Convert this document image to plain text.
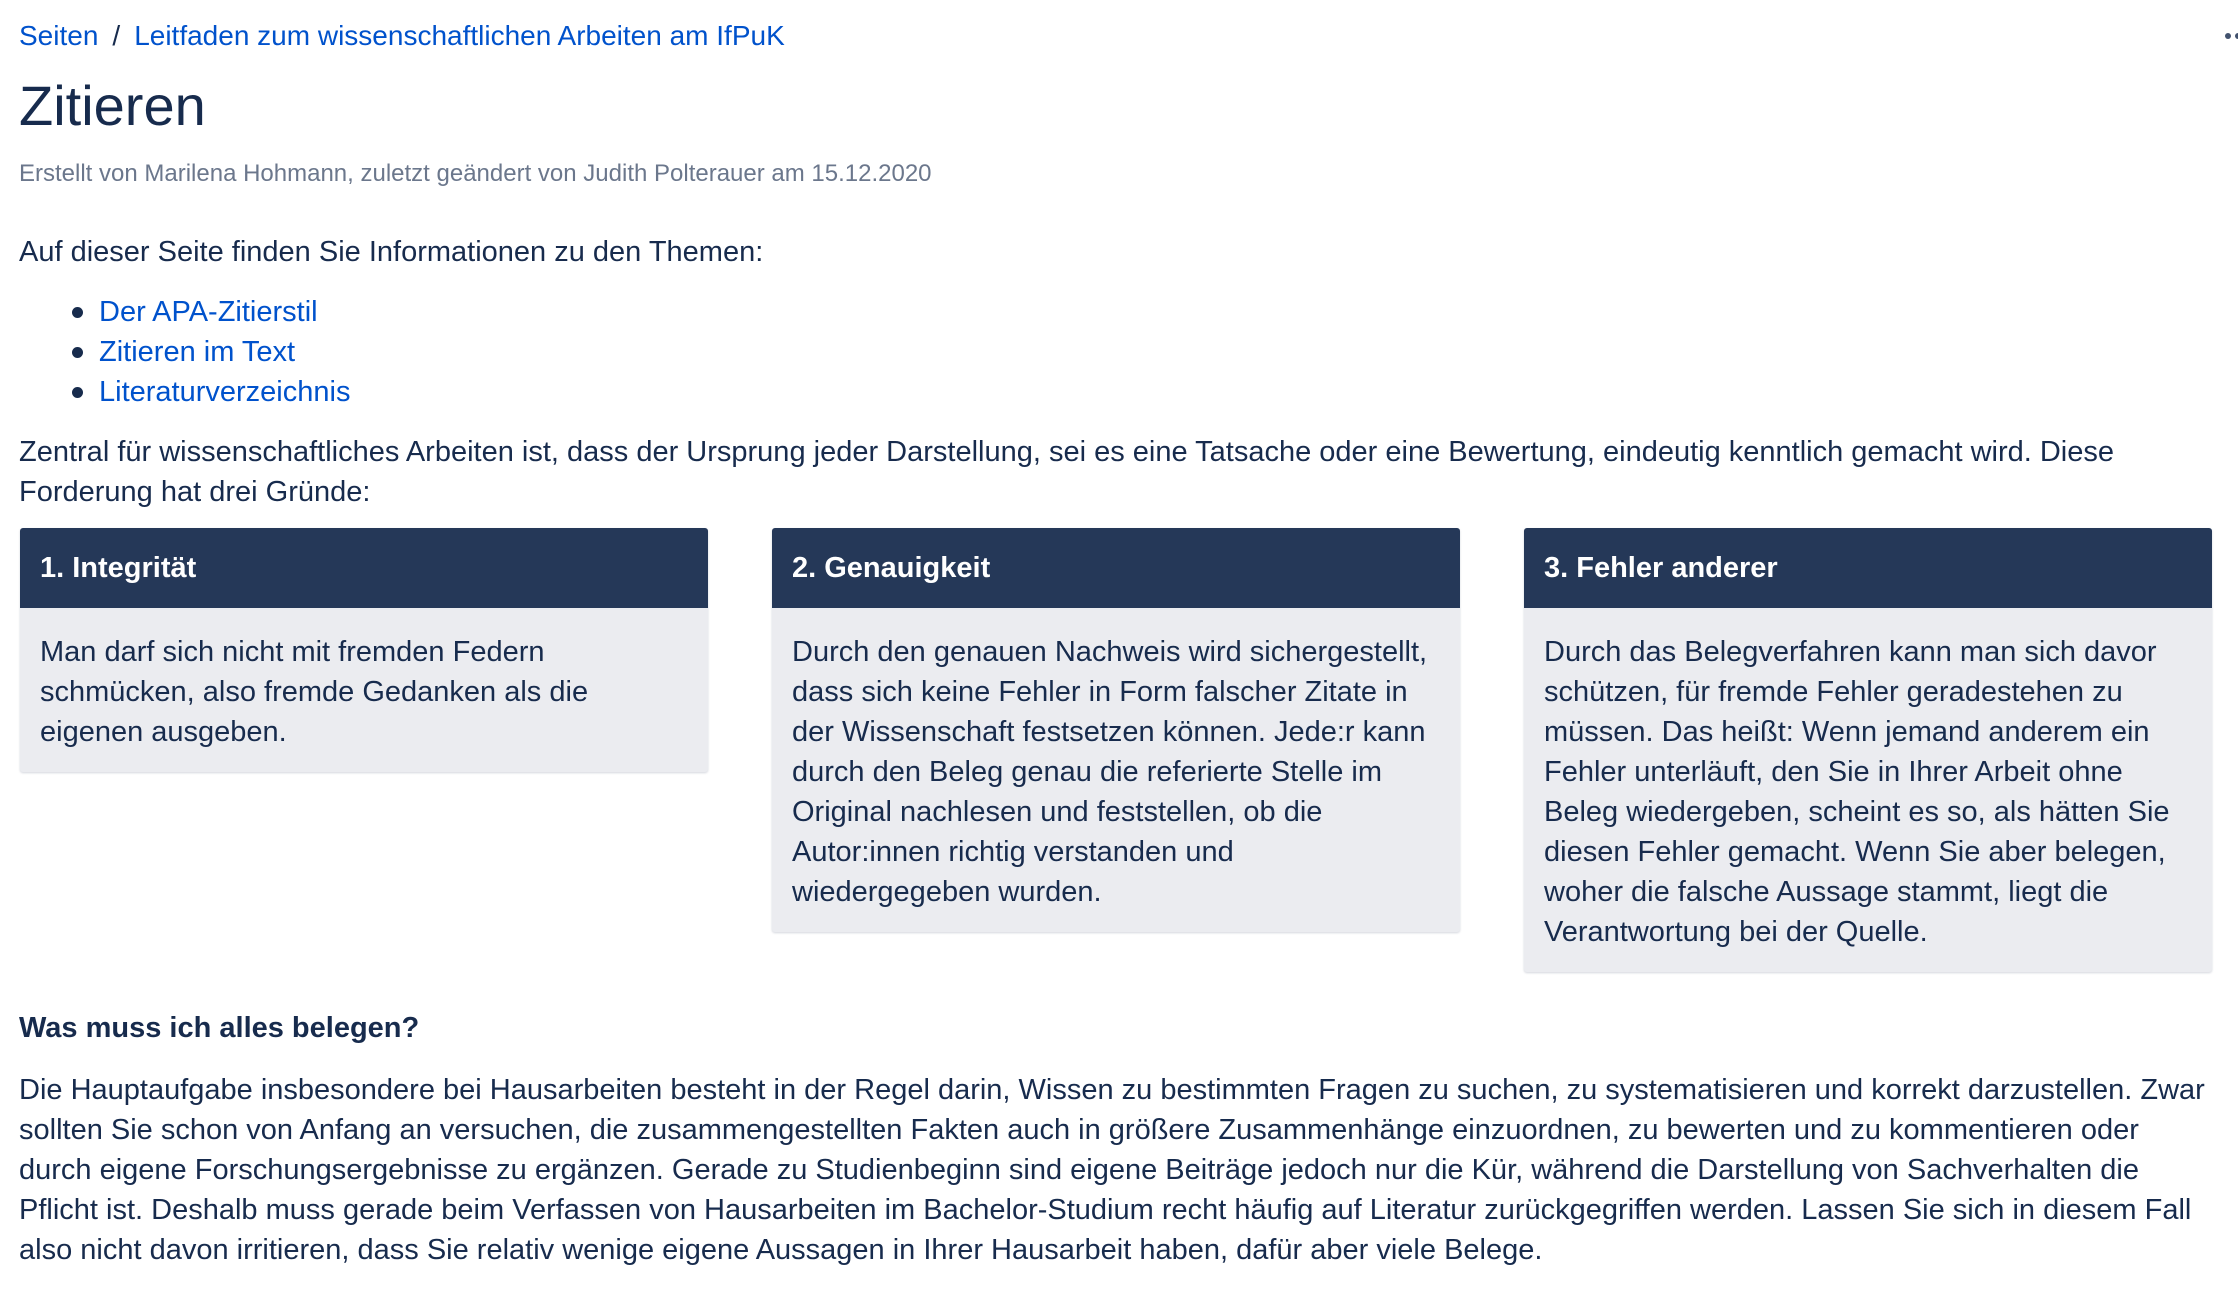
Seiten / Leitfaden zum wissenschaftlichen Arbeiten am IfPuK
Zitieren
Erstellt von Marilena Hohmann, zuletzt geändert von Judith Polterauer am 15.12.2020

Auf dieser Seite finden Sie Informationen zu den Themen:

Der APA-Zitierstil
Zitieren im Text
Literaturverzeichnis

Zentral für wissenschaftliches Arbeiten ist, dass der Ursprung jeder Darstellung, sei es eine Tatsache oder eine Bewertung, eindeutig kenntlich gemacht wird. Diese Forderung hat drei Gründe:

1. Integrität
Man darf sich nicht mit fremden Federn schmücken, also fremde Gedanken als die eigenen ausgeben.
2. Genauigkeit
Durch den genauen Nachweis wird sichergestellt, dass sich keine Fehler in Form falscher Zitate in der Wissenschaft festsetzen können. Jede:r kann durch den Beleg genau die referierte Stelle im Original nachlesen und feststellen, ob die Autor:innen richtig verstanden und wiedergegeben wurden.
3. Fehler anderer
Durch das Belegverfahren kann man sich davor schützen, für fremde Fehler geradestehen zu müssen. Das heißt: Wenn jemand anderem ein Fehler unterläuft, den Sie in Ihrer Arbeit ohne Beleg wiedergeben, scheint es so, als hätten Sie diesen Fehler gemacht. Wenn Sie aber belegen, woher die falsche Aussage stammt, liegt die Verantwortung bei der Quelle.
Was muss ich alles belegen?

Die Hauptaufgabe insbesondere bei Hausarbeiten besteht in der Regel darin, Wissen zu bestimmten Fragen zu suchen, zu systematisieren und korrekt darzustellen. Zwar sollten Sie schon von Anfang an versuchen, die zusammengestellten Fakten auch in größere Zusammenhänge einzuordnen, zu bewerten und zu kommentieren oder durch eigene Forschungsergebnisse zu ergänzen. Gerade zu Studienbeginn sind eigene Beiträge jedoch nur die Kür, während die Darstellung von Sachverhalten die Pflicht ist. Deshalb muss gerade beim Verfassen von Hausarbeiten im Bachelor-Studium recht häufig auf Literatur zurückgegriffen werden. Lassen Sie sich in diesem Fall also nicht davon irritieren, dass Sie relativ wenige eigene Aussagen in Ihrer Hausarbeit haben, dafür aber viele Belege.
